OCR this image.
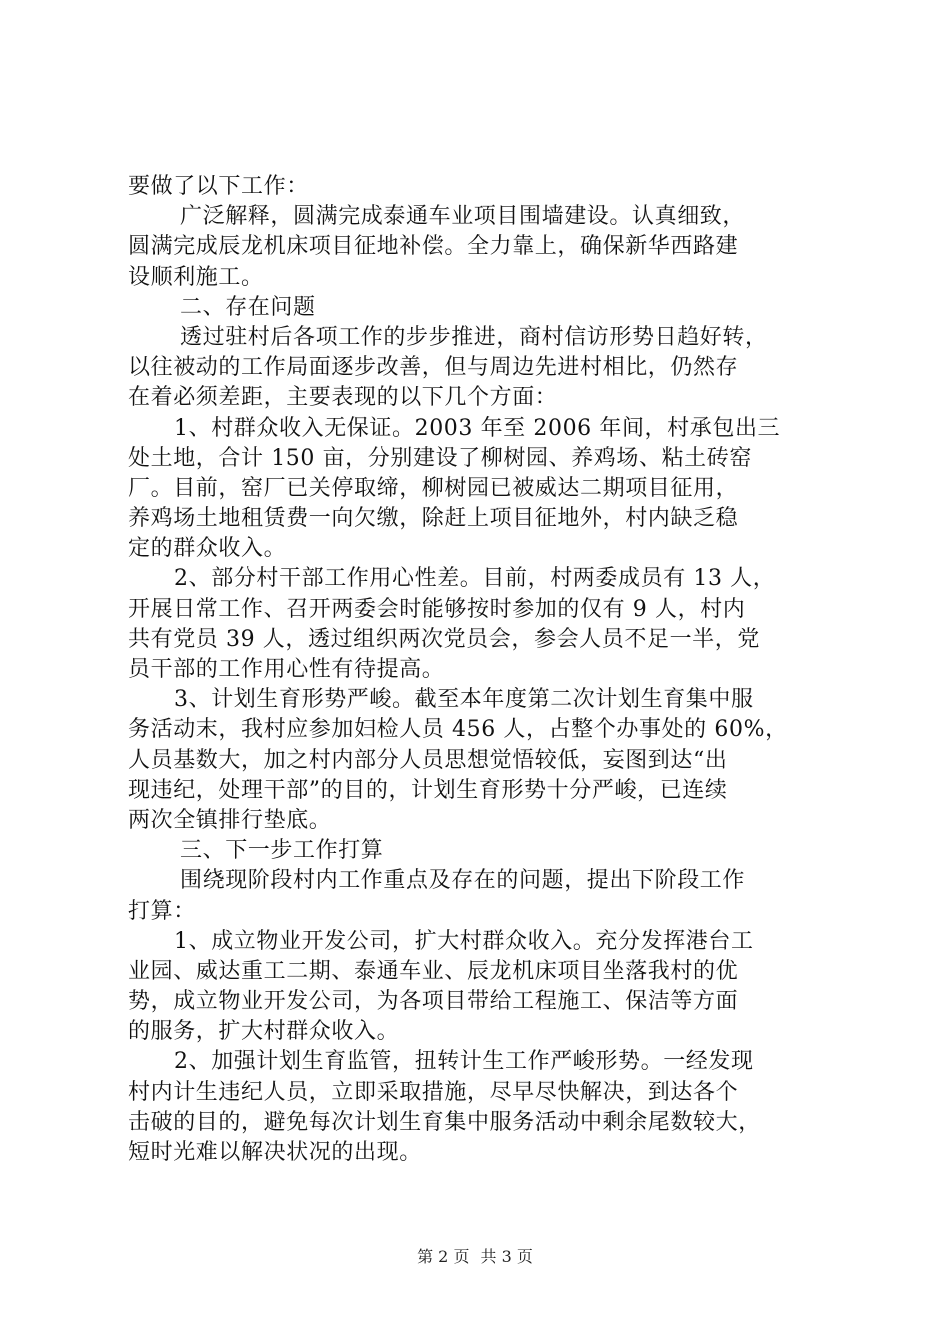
要做了以下工作：
广泛解释，圆满完成泰通车业项目围墙建设。认真细致，
圆满完成辰龙机床项目征地补偿。全力靠上，确保新华西路建
设顺利施工。
二、存在问题
透过驻村后各项工作的步步推进，商村信访形势日趋好转，
以往被动的工作局面逐步改善，但与周边先进村相比，仍然存
在着必须差距，主要表现的以下几个方面：
1、村群众收入无保证。2003 年至 2006 年间，村承包出三
处土地，合计 150 亩，分别建设了柳树园、养鸡场、粘土砖窑
厂。目前，窑厂已关停取缔，柳树园已被威达二期项目征用，
养鸡场土地租赁费一向欠缴，除赶上项目征地外，村内缺乏稳
定的群众收入。
2、部分村干部工作用心性差。目前，村两委成员有 13 人，
开展日常工作、召开两委会时能够按时参加的仅有 9 人，村内
共有党员 39 人，透过组织两次党员会，参会人员不足一半，党
员干部的工作用心性有待提高。
3、计划生育形势严峻。截至本年度第二次计划生育集中服
务活动末，我村应参加妇检人员 456 人，占整个办事处的 60%，
人员基数大，加之村内部分人员思想觉悟较低，妄图到达“出
现违纪，处理干部”的目的，计划生育形势十分严峻，已连续
两次全镇排行垫底。
三、下一步工作打算
围绕现阶段村内工作重点及存在的问题，提出下阶段工作
打算：
1、成立物业开发公司，扩大村群众收入。充分发挥港台工
业园、威达重工二期、泰通车业、辰龙机床项目坐落我村的优
势，成立物业开发公司，为各项目带给工程施工、保洁等方面
的服务，扩大村群众收入。
2、加强计划生育监管，扭转计生工作严峻形势。一经发现
村内计生违纪人员，立即采取措施，尽早尽快解决，到达各个
击破的目的，避免每次计划生育集中服务活动中剩余尾数较大，
短时光难以解决状况的出现。
第 2 页 共 3 页
